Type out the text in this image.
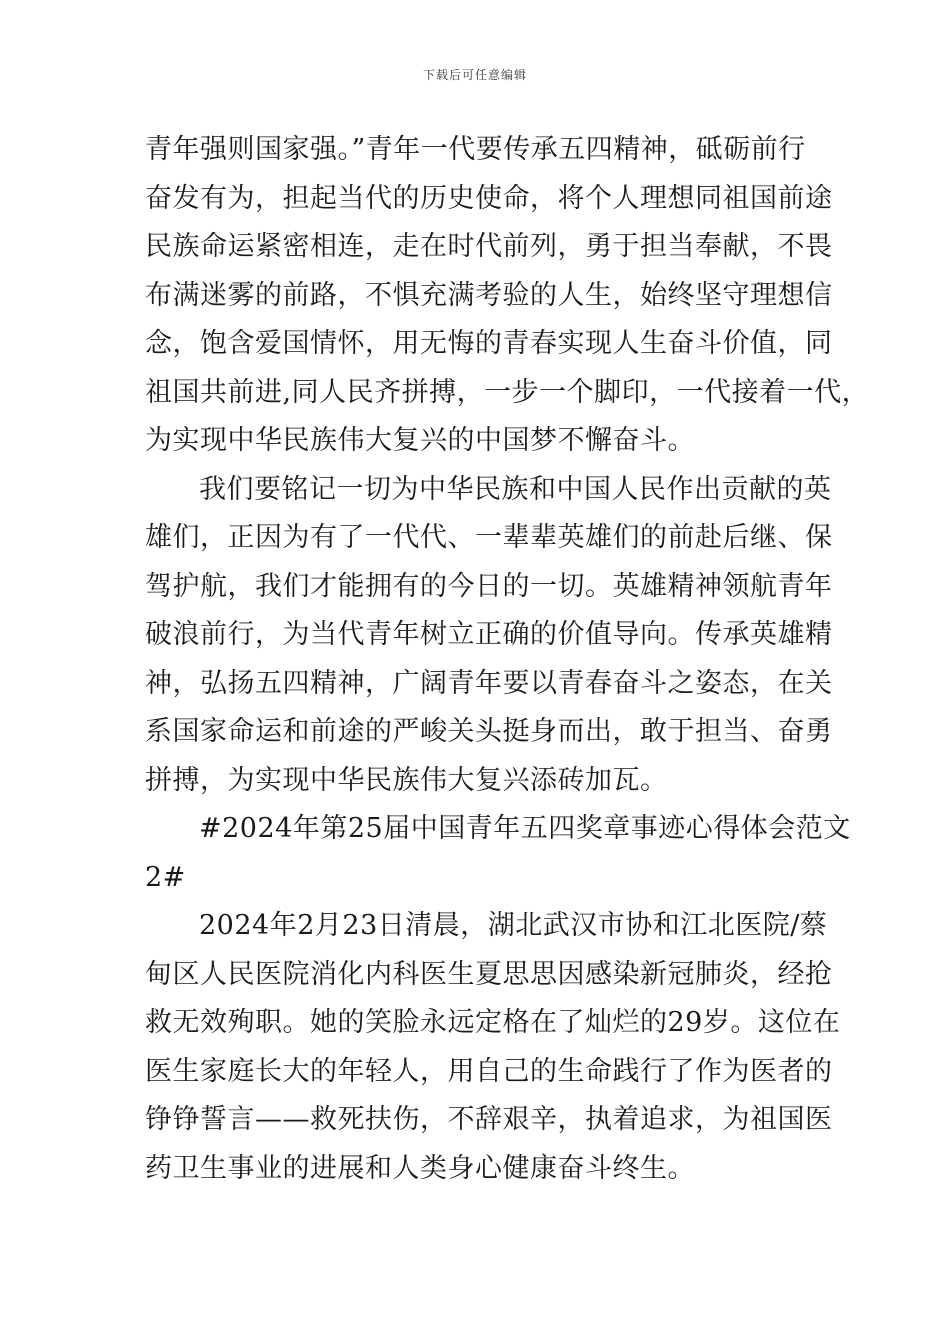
下载后可任意编辑
青年强则国家强。”青年一代要传承五四精神，砥砺前行
奋发有为，担起当代的历史使命，将个人理想同祖国前途
民族命运紧密相连，走在时代前列，勇于担当奉献，不畏
布满迷雾的前路，不惧充满考验的人生，始终坚守理想信
念，饱含爱国情怀，用无悔的青春实现人生奋斗价值，同
祖国共前进,同人民齐拼搏，一步一个脚印，一代接着一代，
为实现中华民族伟大复兴的中国梦不懈奋斗。
我们要铭记一切为中华民族和中国人民作出贡献的英
雄们，正因为有了一代代、一辈辈英雄们的前赴后继、保
驾护航，我们才能拥有的今日的一切。英雄精神领航青年
破浪前行，为当代青年树立正确的价值导向。传承英雄精
神，弘扬五四精神，广阔青年要以青春奋斗之姿态，在关
系国家命运和前途的严峻关头挺身而出，敢于担当、奋勇
拼搏，为实现中华民族伟大复兴添砖加瓦。
#2024年第25届中国青年五四奖章事迹心得体会范文
2#
2024年2月23日清晨，湖北武汉市协和江北医院/蔡
甸区人民医院消化内科医生夏思思因感染新冠肺炎，经抢
救无效殉职。她的笑脸永远定格在了灿烂的29岁。这位在
医生家庭长大的年轻人，用自己的生命践行了作为医者的
铮铮誓言——救死扶伤，不辞艰辛，执着追求，为祖国医
药卫生事业的进展和人类身心健康奋斗终生。
